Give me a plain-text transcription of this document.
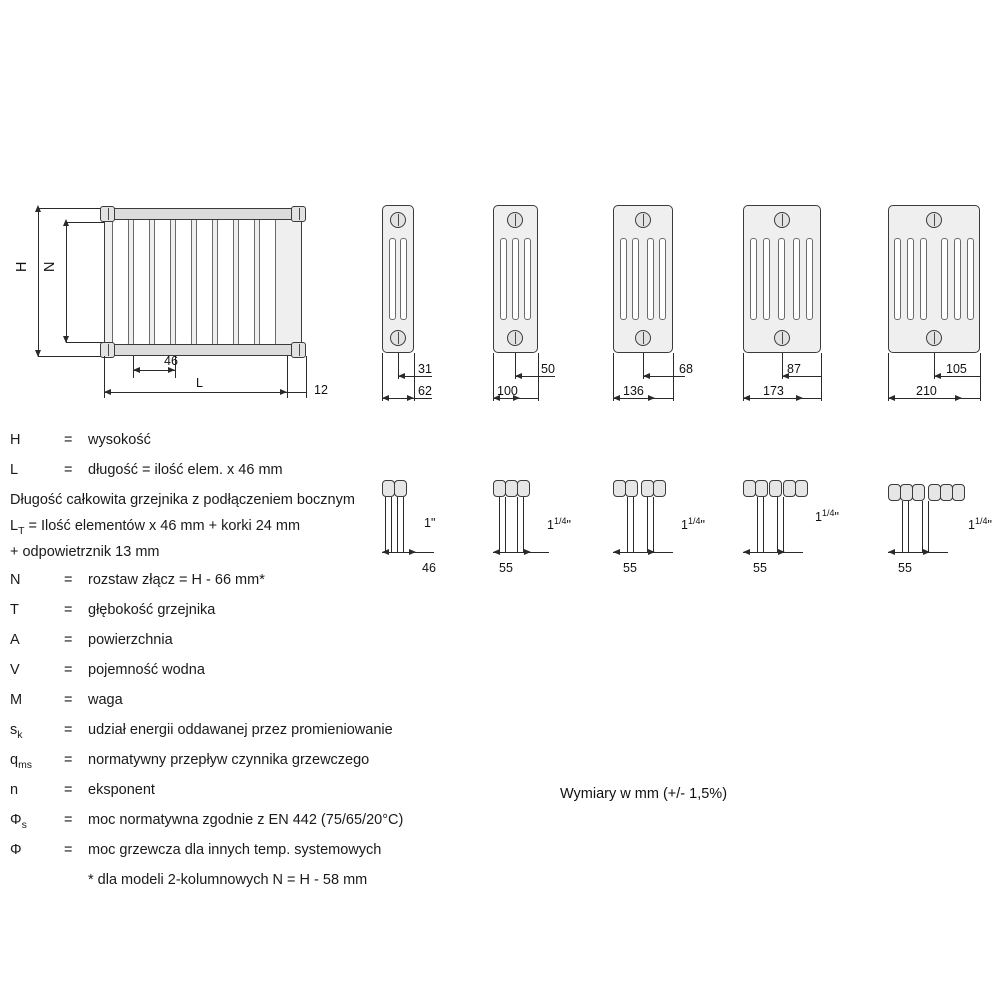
H N
46
L	12
31
62
50
100
68
136
87
173
105
210
1"
46
$1^{1/4}$"
55
$1^{1/4}$"
55
$1^{1/4}$"
55
$1^{1/4}$"
55
H	= wysokość
L	= długość = ilość elem. x 46 mm
Długość całkowita grzejnika z podłączeniem bocznym
$L_T$ = Ilość elementów x 46 mm + korki 24 mm
+ odpowietrznik 13 mm
N	= rozstaw złącz = H - 66 mm*
T	= głębokość grzejnika
A	= powierzchnia
V	= pojemność wodna
M	= waga
$s_k$	= udział energii oddawanej przez promieniowanie
$q_{ms}$	= normatywny przepływ czynnika grzewczego
n	= eksponent
$\Phi_s$	= moc normatywna zgodnie z EN 442 (75/65/20°C)
Φ	= moc grzewcza dla innych temp. systemowych
* dla modeli 2-kolumnowych N = H - 58 mm
Wymiary w mm (+/- 1,5%)
